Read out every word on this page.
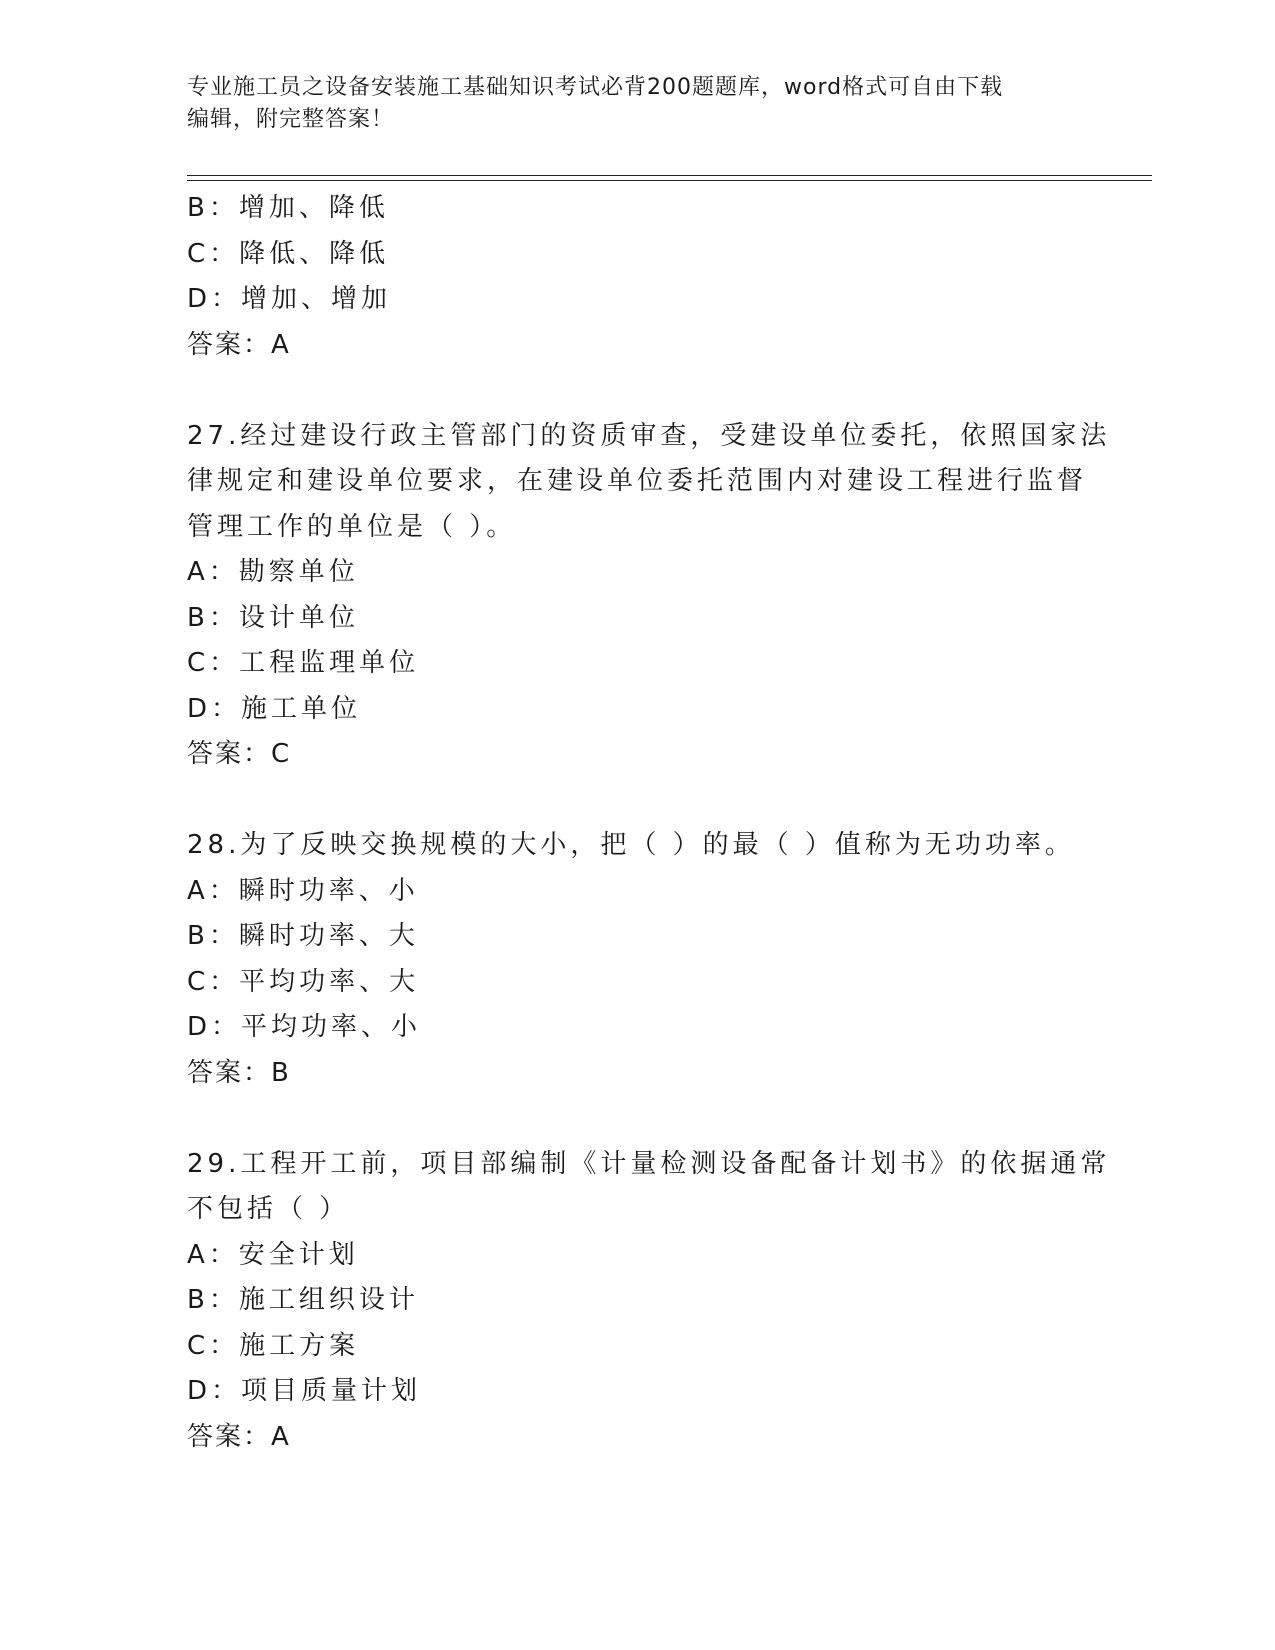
专业施工员之设备安装施工基础知识考试必背200题题库，word格式可自由下载
编辑，附完整答案！
B：增加、降低
C：降低、降低
D：增加、增加
答案：A
27.经过建设行政主管部门的资质审查，受建设单位委托，依照国家法
律规定和建设单位要求，在建设单位委托范围内对建设工程进行监督
管理工作的单位是（ ）。
A：勘察单位
B：设计单位
C：工程监理单位
D：施工单位
答案：C
28.为了反映交换规模的大小，把（ ）的最（ ）值称为无功功率。
A：瞬时功率、小
B：瞬时功率、大
C：平均功率、大
D：平均功率、小
答案：B
29.工程开工前，项目部编制《计量检测设备配备计划书》的依据通常
不包括（ ）
A：安全计划
B：施工组织设计
C：施工方案
D：项目质量计划
答案：A
